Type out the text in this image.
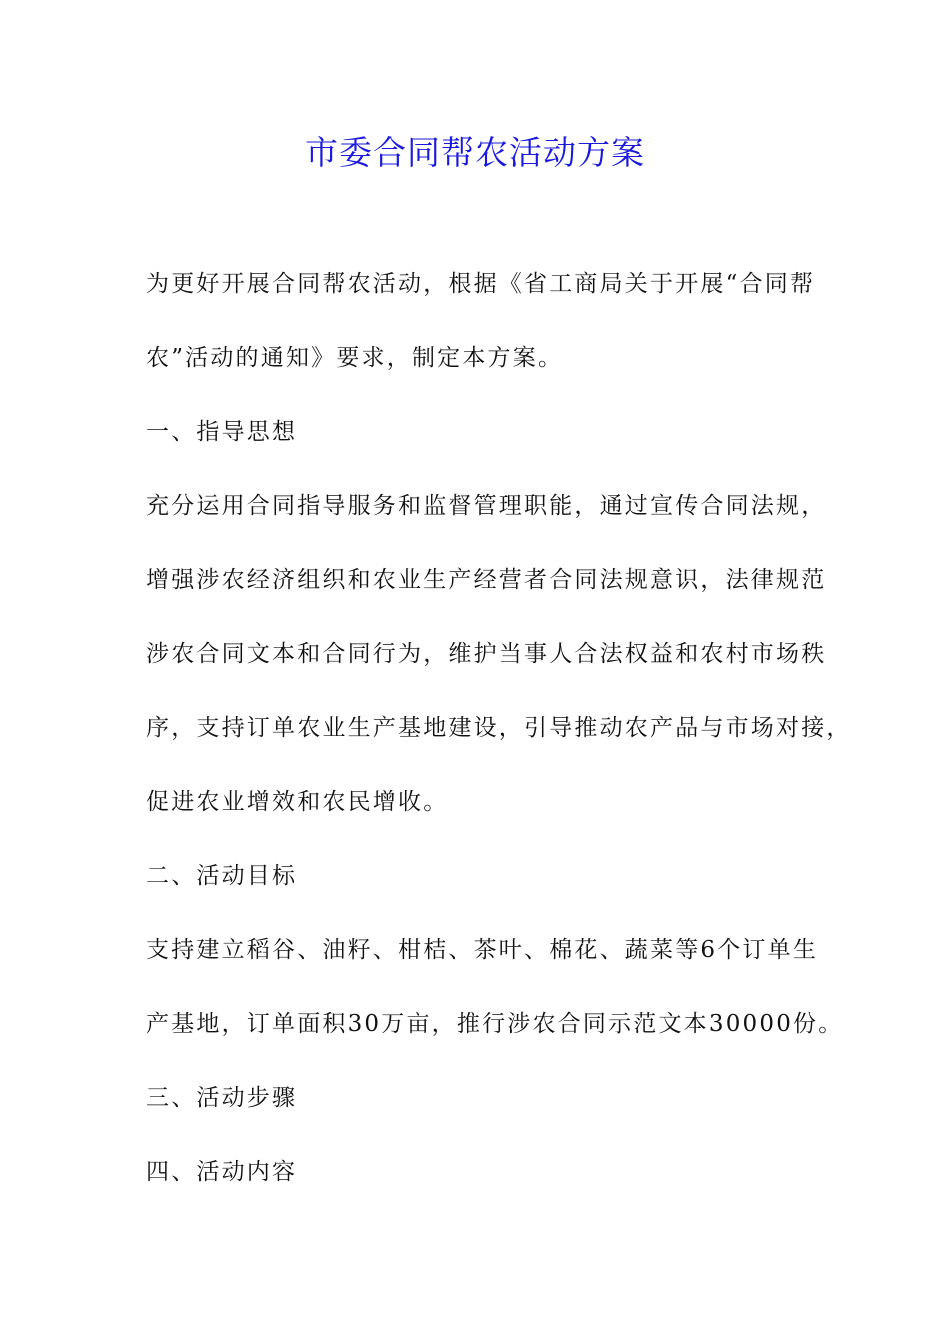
市委合同帮农活动方案

为更好开展合同帮农活动，根据《省工商局关于开展“合同帮

农”活动的通知》要求，制定本方案。

一、指导思想

充分运用合同指导服务和监督管理职能，通过宣传合同法规，

增强涉农经济组织和农业生产经营者合同法规意识，法律规范

涉农合同文本和合同行为，维护当事人合法权益和农村市场秩

序，支持订单农业生产基地建设，引导推动农产品与市场对接，

促进农业增效和农民增收。

二、活动目标

支持建立稻谷、油籽、柑桔、茶叶、棉花、蔬菜等6个订单生

产基地，订单面积30万亩，推行涉农合同示范文本30000份。

三、活动步骤
四、活动内容
